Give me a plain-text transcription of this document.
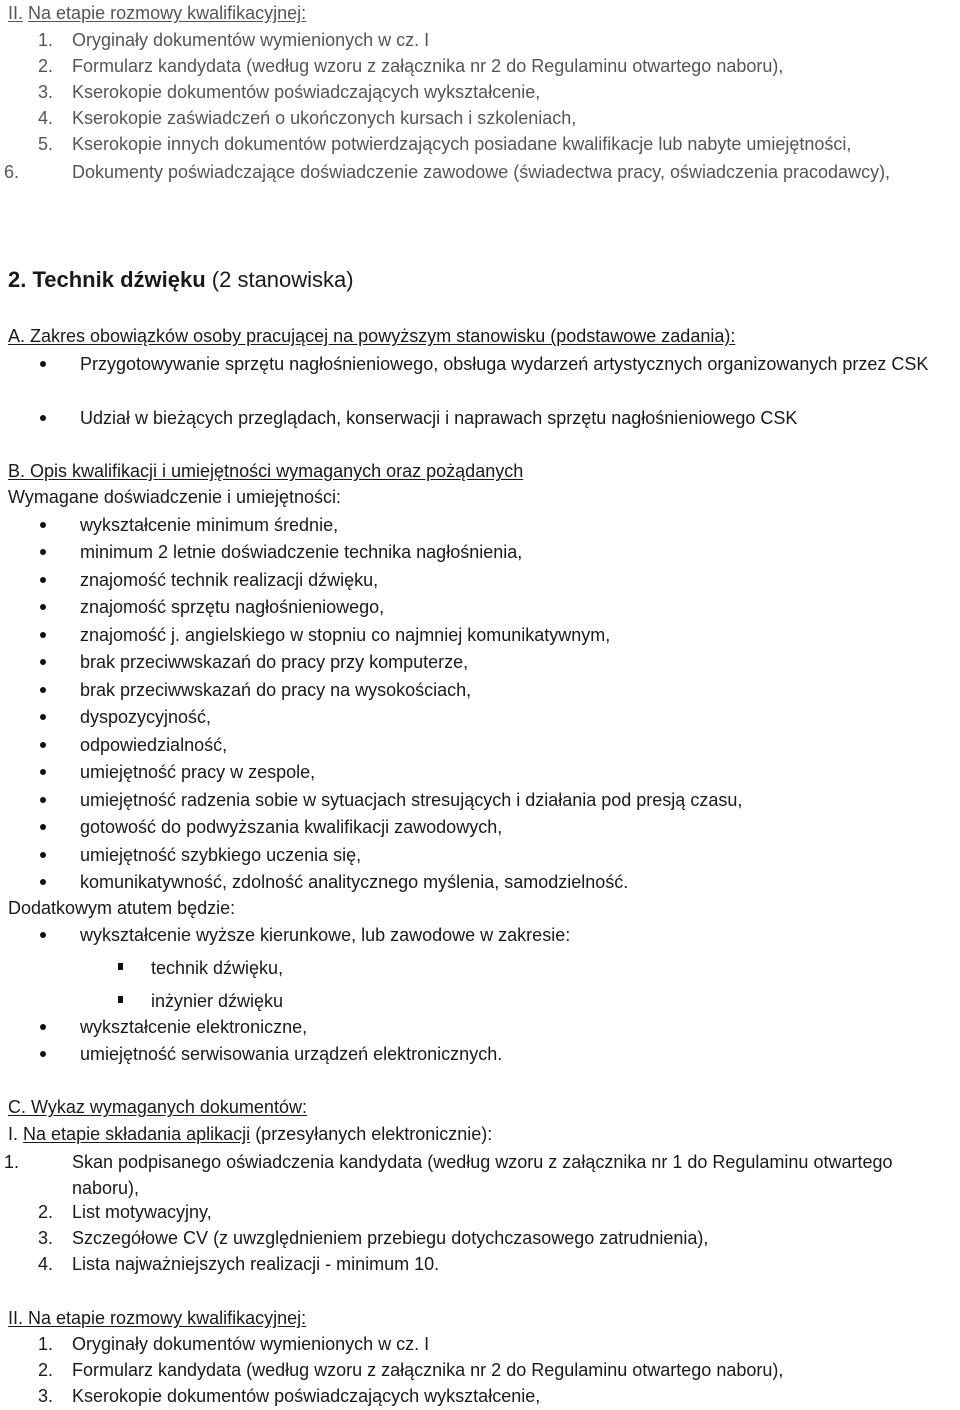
II. Na etapie rozmowy kwalifikacyjnej:
1. Oryginały dokumentów wymienionych w cz. I
2. Formularz kandydata (według wzoru z załącznika nr 2 do Regulaminu otwartego naboru),
3. Kserokopie dokumentów poświadczających wykształcenie,
4. Kserokopie zaświadczeń o ukończonych kursach i szkoleniach,
5. Kserokopie innych dokumentów potwierdzających posiadane kwalifikacje lub nabyte umiejętności,
6.	Dokumenty poświadczające doświadczenie zawodowe (świadectwa pracy, oświadczenia pracodawcy),
2. Technik dźwięku (2 stanowiska)
A. Zakres obowiązków osoby pracującej na powyższym stanowisku (podstawowe zadania):
Przygotowywanie sprzętu nagłośnieniowego, obsługa wydarzeń artystycznych organizowanych przez CSK
Udział w bieżących przeglądach, konserwacji i naprawach sprzętu nagłośnieniowego CSK
B. Opis kwalifikacji i umiejętności wymaganych oraz pożądanych
Wymagane doświadczenie i umiejętności:
wykształcenie minimum średnie,
minimum 2 letnie doświadczenie technika nagłośnienia,
znajomość technik realizacji dźwięku,
znajomość sprzętu nagłośnieniowego,
znajomość j. angielskiego w stopniu co najmniej komunikatywnym,
brak przeciwwskazań do pracy przy komputerze,
brak przeciwwskazań do pracy na wysokościach,
dyspozycyjność,
odpowiedzialność,
umiejętność pracy w zespole,
umiejętność radzenia sobie w sytuacjach stresujących i działania pod presją czasu,
gotowość do podwyższania kwalifikacji zawodowych,
umiejętność szybkiego uczenia się,
komunikatywność, zdolność analitycznego myślenia, samodzielność.
Dodatkowym atutem będzie:
wykształcenie wyższe kierunkowe, lub zawodowe w zakresie:
technik dźwięku,
inżynier dźwięku
wykształcenie elektroniczne,
umiejętność serwisowania urządzeń elektronicznych.
C. Wykaz wymaganych dokumentów:
I. Na etapie składania aplikacji (przesyłanych elektronicznie):
1.	Skan podpisanego oświadczenia kandydata (według wzoru z załącznika nr 1 do Regulaminu otwartego naboru),
2. List motywacyjny,
3. Szczegółowe CV (z uwzględnieniem przebiegu dotychczasowego zatrudnienia),
4. Lista najważniejszych realizacji - minimum 10.
II. Na etapie rozmowy kwalifikacyjnej:
1. Oryginały dokumentów wymienionych w cz. I
2. Formularz kandydata (według wzoru z załącznika nr 2 do Regulaminu otwartego naboru),
3. Kserokopie dokumentów poświadczających wykształcenie,
